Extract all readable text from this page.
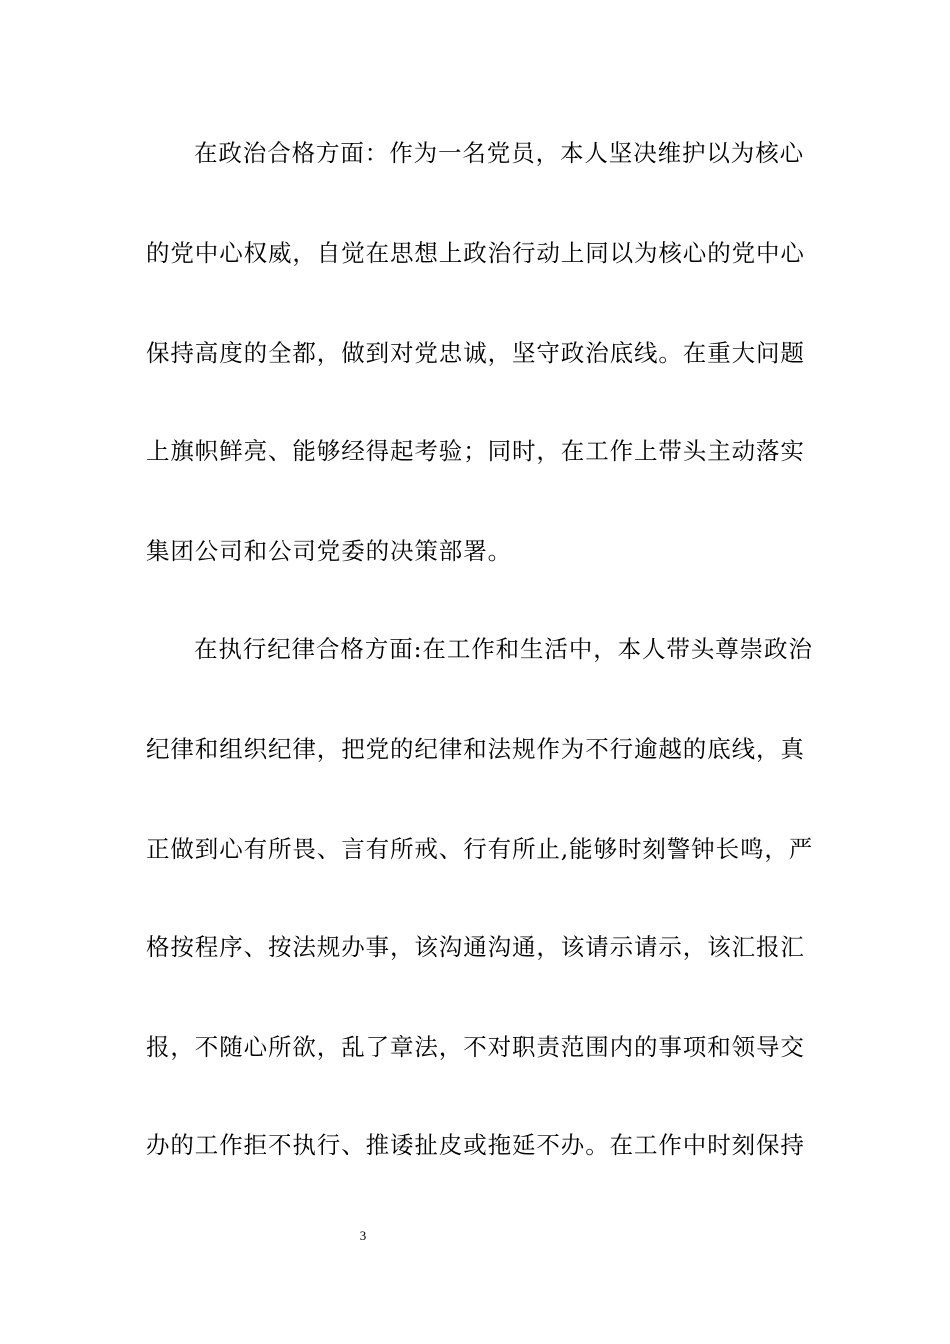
在政治合格方面：作为一名党员，本人坚决维护以为核心
的党中心权威，自觉在思想上政治行动上同以为核心的党中心
保持高度的全都，做到对党忠诚，坚守政治底线。在重大问题
上旗帜鲜亮、能够经得起考验；同时，在工作上带头主动落实
集团公司和公司党委的决策部署。
在执行纪律合格方面:在工作和生活中，本人带头尊崇政治
纪律和组织纪律，把党的纪律和法规作为不行逾越的底线，真
正做到心有所畏、言有所戒、行有所止,能够时刻警钟长鸣，严
格按程序、按法规办事，该沟通沟通，该请示请示，该汇报汇
报，不随心所欲，乱了章法，不对职责范围内的事项和领导交
办的工作拒不执行、推诿扯皮或拖延不办。在工作中时刻保持
3
